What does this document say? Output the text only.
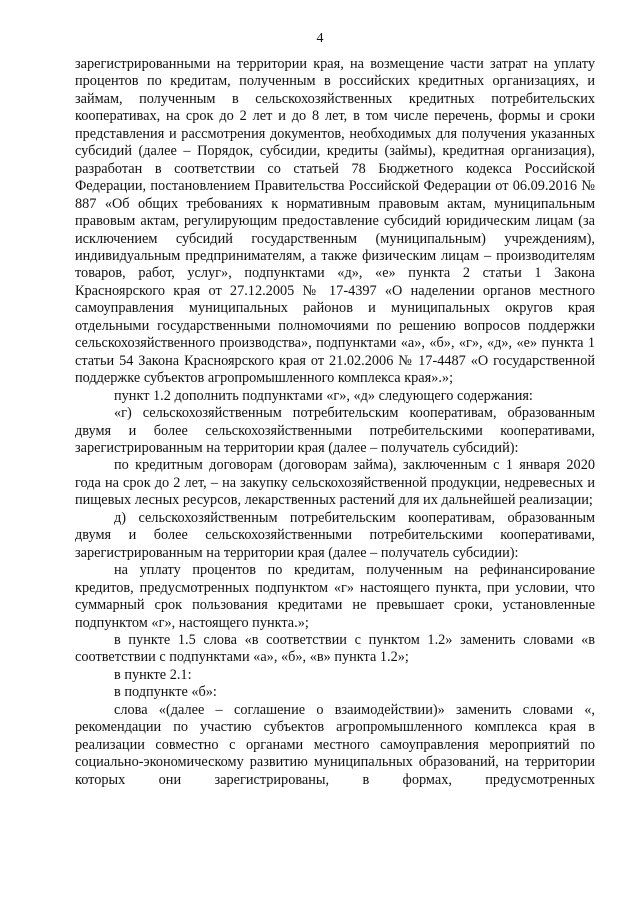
4

зарегистрированными на территории края, на возмещение части затрат на уплату процентов по кредитам, полученным в российских кредитных организациях, и займам, полученным в сельскохозяйственных кредитных потребительских кооперативах, на срок до 2 лет и до 8 лет, в том числе перечень, формы и сроки представления и рассмотрения документов, необходимых для получения указанных субсидий (далее – Порядок, субсидии, кредиты (займы), кредитная организация), разработан в соответствии со статьей 78 Бюджетного кодекса Российской Федерации, постановлением Правительства Российской Федерации от 06.09.2016 № 887 «Об общих требованиях к нормативным правовым актам, муниципальным правовым актам, регулирующим предоставление субсидий юридическим лицам (за исключением субсидий государственным (муниципальным) учреждениям), индивидуальным предпринимателям, а также физическим лицам – производителям товаров, работ, услуг», подпунктами «д», «е» пункта 2 статьи 1 Закона Красноярского края от 27.12.2005 № 17-4397 «О наделении органов местного самоуправления муниципальных районов и муниципальных округов края отдельными государственными полномочиями по решению вопросов поддержки сельскохозяйственного производства», подпунктами «а», «б», «г», «д», «е» пункта 1 статьи 54 Закона Красноярского края от 21.02.2006 № 17-4487 «О государственной поддержке субъектов агропромышленного комплекса края».»;

пункт 1.2 дополнить подпунктами «г», «д» следующего содержания:

«г) сельскохозяйственным потребительским кооперативам, образованным двумя и более сельскохозяйственными потребительскими кооперативами, зарегистрированным на территории края (далее – получатель субсидий):

по кредитным договорам (договорам займа), заключенным с 1 января 2020 года на срок до 2 лет, – на закупку сельскохозяйственной продукции, недревесных и пищевых лесных ресурсов, лекарственных растений для их дальнейшей реализации;

д) сельскохозяйственным потребительским кооперативам, образованным двумя и более сельскохозяйственными потребительскими кооперативами, зарегистрированным на территории края (далее – получатель субсидии):

на уплату процентов по кредитам, полученным на рефинансирование кредитов, предусмотренных подпунктом «г» настоящего пункта, при условии, что суммарный срок пользования кредитами не превышает сроки, установленные подпунктом «г», настоящего пункта.»;

в пункте 1.5 слова «в соответствии с пунктом 1.2» заменить словами «в соответствии с подпунктами «а», «б», «в» пункта 1.2»;

в пункте 2.1:

в подпункте «б»:

слова «(далее – соглашение о взаимодействии)» заменить словами «, рекомендации по участию субъектов агропромышленного комплекса края в реализации совместно с органами местного самоуправления мероприятий по социально-экономическому развитию муниципальных образований, на территории которых они зарегистрированы, в формах, предусмотренных
